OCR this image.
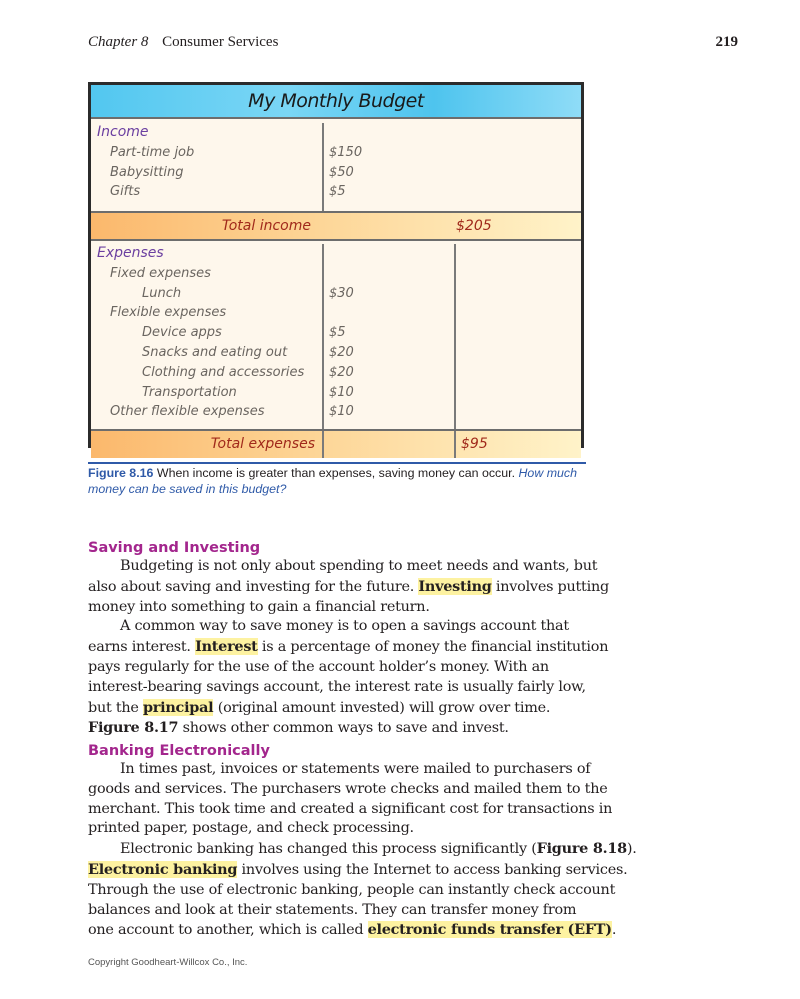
Chapter 8 Consumer Services	219
My Monthly Budget
Income
Part-time job	$150
Babysitting	$50
Gifts	$5
Total income	$205
Expenses
Fixed expenses
Lunch	$30
Flexible expenses
Device apps	$5
Snacks and eating out	$20
Clothing and accessories $20
Transportation	$10
Other flexible expenses	$10
Total expenses	$95
Figure 8.16 When income is greater than expenses, saving money can occur. How much
money can be saved in this budget?
Saving and Investing

Budgeting is not only about spending to meet needs and wants, but
also about saving and investing for the future. Investing involves putting
money into something to gain a financial return.

A common way to save money is to open a savings account that
earns interest. Interest is a percentage of money the financial institution
pays regularly for the use of the account holder’s money. With an
interest-bearing savings account, the interest rate is usually fairly low,
but the principal (original amount invested) will grow over time.
Figure 8.17 shows other common ways to save and invest.

Banking Electronically

In times past, invoices or statements were mailed to purchasers of
goods and services. The purchasers wrote checks and mailed them to the
merchant. This took time and created a significant cost for transactions in
printed paper, postage, and check processing.

Electronic banking has changed this process significantly (Figure 8.18).
Electronic banking involves using the Internet to access banking services.
Through the use of electronic banking, people can instantly check account
balances and look at their statements. They can transfer money from
one account to another, which is called electronic funds transfer (EFT).

Copyright Goodheart-Willcox Co., Inc.
